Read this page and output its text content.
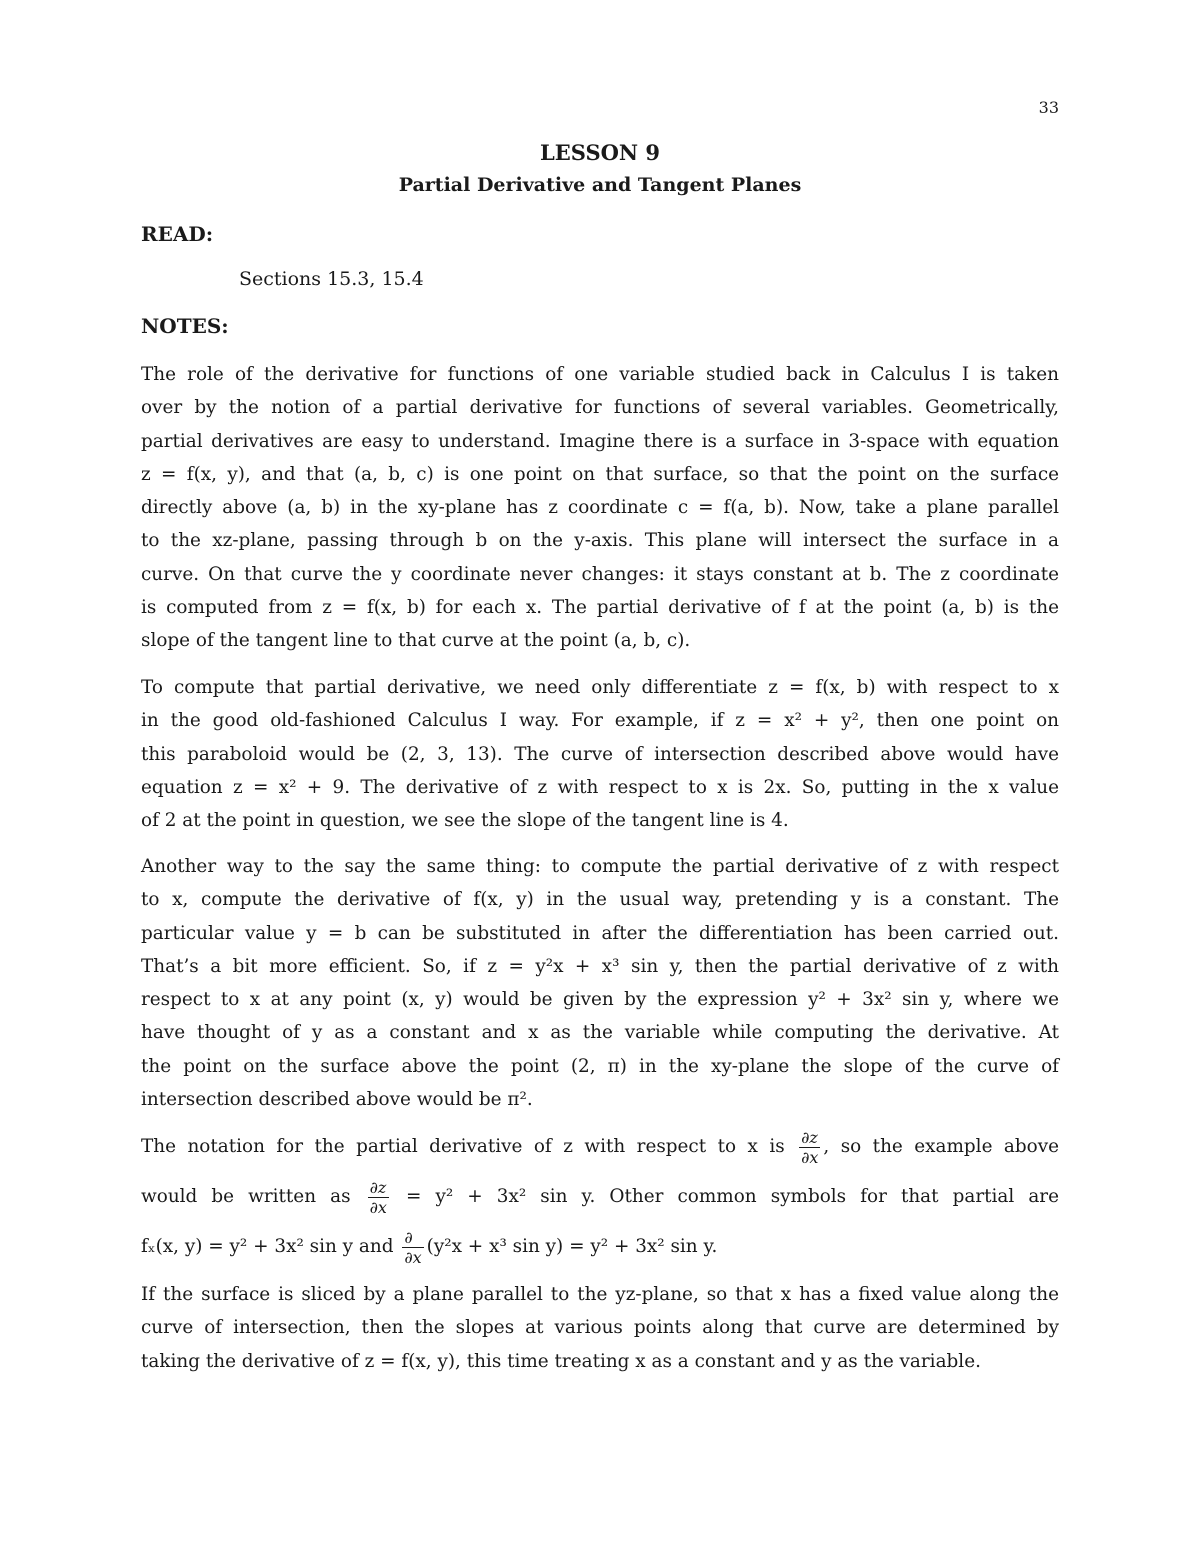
33
LESSON 9
Partial Derivative and Tangent Planes
READ:
Sections 15.3, 15.4
NOTES:
The role of the derivative for functions of one variable studied back in Calculus I is taken
over by the notion of a partial derivative for functions of several variables. Geometrically,
partial derivatives are easy to understand. Imagine there is a surface in 3-space with equation
z = f(x, y), and that (a, b, c) is one point on that surface, so that the point on the surface
directly above (a, b) in the xy-plane has z coordinate c = f(a, b). Now, take a plane parallel
to the xz-plane, passing through b on the y-axis. This plane will intersect the surface in a
curve. On that curve the y coordinate never changes: it stays constant at b. The z coordinate
is computed from z = f(x, b) for each x. The partial derivative of f at the point (a, b) is the
slope of the tangent line to that curve at the point (a, b, c).
To compute that partial derivative, we need only differentiate z = f(x, b) with respect to x
in the good old-fashioned Calculus I way. For example, if z = x² + y², then one point on
this paraboloid would be (2, 3, 13). The curve of intersection described above would have
equation z = x² + 9. The derivative of z with respect to x is 2x. So, putting in the x value
of 2 at the point in question, we see the slope of the tangent line is 4.
Another way to the say the same thing: to compute the partial derivative of z with respect
to x, compute the derivative of f(x, y) in the usual way, pretending y is a constant. The
particular value y = b can be substituted in after the differentiation has been carried out.
That’s a bit more efficient. So, if z = y²x + x³ sin y, then the partial derivative of z with
respect to x at any point (x, y) would be given by the expression y² + 3x² sin y, where we
have thought of y as a constant and x as the variable while computing the derivative. At
the point on the surface above the point (2, π) in the xy-plane the slope of the curve of
intersection described above would be π².
The notation for the partial derivative of z with respect to x is $\frac{\partial z}{\partial x}$ , so the example above
would be written as $\frac{\partial z}{\partial x} = y^2 + 3x^2$ sin y. Other common symbols for that partial are
fₓ(x, y) = y² + 3x² sin y and $\frac{\partial}{\partial x} (y^2x + x^3$ sin y) = y² + 3x² sin y.
If the surface is sliced by a plane parallel to the yz-plane, so that x has a fixed value along the
curve of intersection, then the slopes at various points along that curve are determined by
taking the derivative of z = f(x, y), this time treating x as a constant and y as the variable.
